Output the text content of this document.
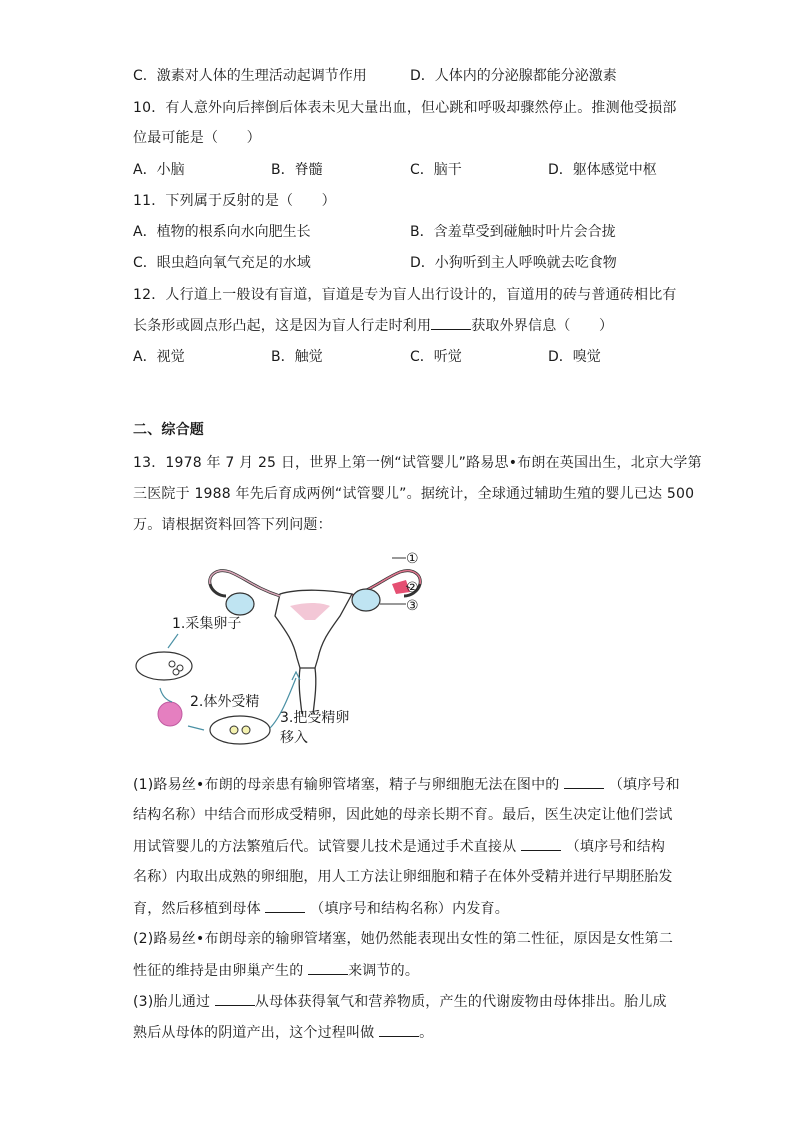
C．激素对人体的生理活动起调节作用	D．人体内的分泌腺都能分泌激素
10．有人意外向后摔倒后体表未见大量出血，但心跳和呼吸却骤然停止。推测他受损部
位最可能是（　　）
A．小脑	B．脊髓	C．脑干	D．躯体感觉中枢
11．下列属于反射的是（　　）
A．植物的根系向水向肥生长	B．含羞草受到碰触时叶片会合拢
C．眼虫趋向氧气充足的水域	D．小狗听到主人呼唤就去吃食物
12．人行道上一般设有盲道，盲道是专为盲人出行设计的，盲道用的砖与普通砖相比有
长条形或圆点形凸起，这是因为盲人行走时利用	获取外界信息（　　）
A．视觉	B．触觉	C．听觉	D．嗅觉
二、综合题
13．1978 年 7 月 25 日，世界上第一例“试管婴儿”路易思•布朗在英国出生，北京大学第
三医院于 1988 年先后育成两例“试管婴儿”。据统计，全球通过辅助生殖的婴儿已达 500
万。请根据资料回答下列问题：
①
②
③
1.采集卵子
2.体外受精
3.把受精卵
移入
(1)路易丝•布朗的母亲患有输卵管堵塞，精子与卵细胞无法在图中的	（填序号和
结构名称）中结合而形成受精卵，因此她的母亲长期不育。最后，医生决定让他们尝试
用试管婴儿的方法繁殖后代。试管婴儿技术是通过手术直接从	（填序号和结构
名称）内取出成熟的卵细胞，用人工方法让卵细胞和精子在体外受精并进行早期胚胎发
育，然后移植到母体	（填序号和结构名称）内发育。
(2)路易丝•布朗母亲的输卵管堵塞，她仍然能表现出女性的第二性征，原因是女性第二
性征的维持是由卵巢产生的	来调节的。
(3)胎儿通过	从母体获得氧气和营养物质，产生的代谢废物由母体排出。胎儿成
熟后从母体的阴道产出，这个过程叫做	。
